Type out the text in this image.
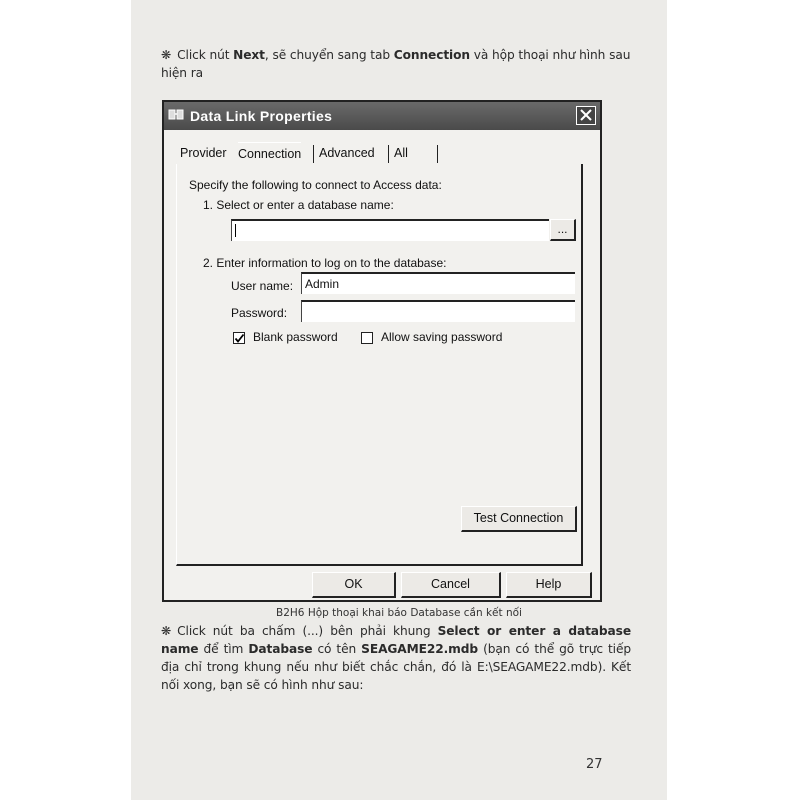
❋ Click nút Next, sẽ chuyển sang tab Connection và hộp thoại như hình sau hiện ra
Data Link Properties
Provider Connection Advanced All
Specify the following to connect to Access data:
1. Select or enter a database name:
...
2. Enter information to log on to the database:
User name: Admin
Password:
Blank password	Allow saving password
Test Connection
OK	Cancel	Help
B2H6 Hộp thoại khai báo Database cần kết nối
❋ Click nút ba chấm (...) bên phải khung Select or enter a database name để tìm Database có tên SEAGAME22.mdb (bạn có thể gõ trực tiếp địa chỉ trong khung nếu như biết chắc chắn, đó là E:\SEAGAME22.mdb). Kết nối xong, bạn sẽ có hình như sau:
27
